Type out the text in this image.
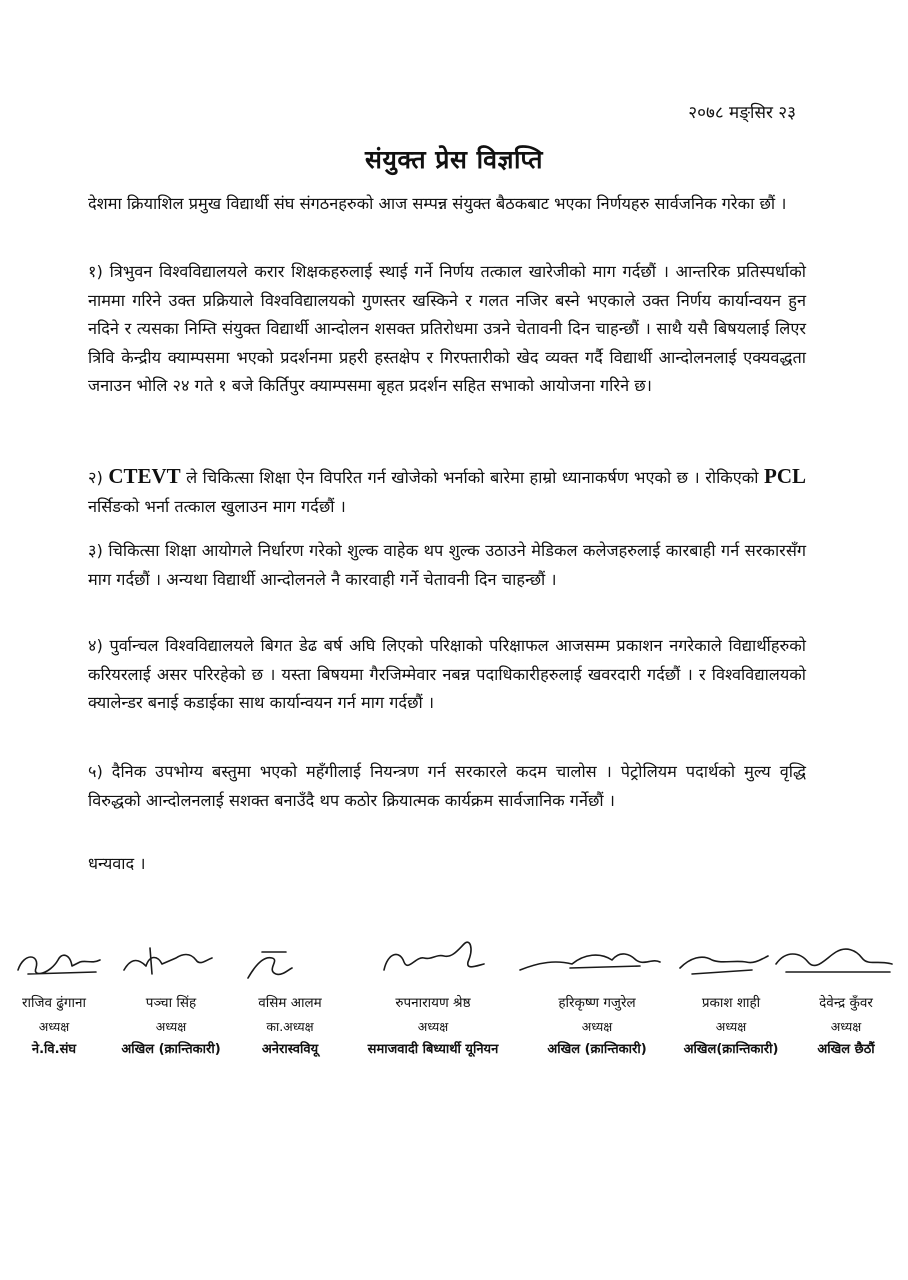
२०७८ मङ्सिर २३
संयुक्त प्रेस विज्ञप्ति
देशमा क्रियाशिल प्रमुख विद्यार्थी संघ संगठनहरुको आज सम्पन्न संयुक्त बैठकबाट भएका निर्णयहरु सार्वजनिक गरेका छौं ।
१) त्रिभुवन विश्वविद्यालयले करार शिक्षकहरुलाई स्थाई गर्ने निर्णय तत्काल खारेजीको माग गर्दछौं । आन्तरिक प्रतिस्पर्धाको नाममा गरिने उक्त प्रक्रियाले विश्वविद्यालयको गुणस्तर खस्किने र गलत नजिर बस्ने भएकाले उक्त निर्णय कार्यान्वयन हुन नदिने र त्यसका निम्ति संयुक्त विद्यार्थी आन्दोलन शसक्त प्रतिरोधमा उत्रने चेतावनी दिन चाहन्छौं । साथै यसै बिषयलाई लिएर त्रिवि केन्द्रीय क्याम्पसमा भएको प्रदर्शनमा प्रहरी हस्तक्षेप र गिरफ्तारीको खेद व्यक्त गर्दै विद्यार्थी आन्दोलनलाई एक्यवद्धता जनाउन भोलि २४ गते १ बजे किर्तिपुर क्याम्पसमा बृहत प्रदर्शन सहित सभाको आयोजना गरिने छ।
२) CTEVT ले चिकित्सा शिक्षा ऐन विपरित गर्न खोजेको भर्नाको बारेमा हाम्रो ध्यानाकर्षण भएको छ । रोकिएको PCL नर्सिङको भर्ना तत्काल खुलाउन माग गर्दछौं ।
३) चिकित्सा शिक्षा आयोगले निर्धारण गरेको शुल्क वाहेक थप शुल्क उठाउने मेडिकल कलेजहरुलाई कारबाही गर्न सरकारसँग माग गर्दछौं । अन्यथा विद्यार्थी आन्दोलनले नै कारवाही गर्ने चेतावनी दिन चाहन्छौं ।
४) पुर्वान्चल विश्वविद्यालयले बिगत डेढ बर्ष अघि लिएको परिक्षाको परिक्षाफल आजसम्म प्रकाशन नगरेकाले विद्यार्थीहरुको करियरलाई असर परिरहेको छ । यस्ता बिषयमा गैरजिम्मेवार नबन्न पदाधिकारीहरुलाई खवरदारी गर्दछौं । र विश्वविद्यालयको क्यालेन्डर बनाई कडाईका साथ कार्यान्वयन गर्न माग गर्दछौं ।
५) दैनिक उपभोग्य बस्तुमा भएको महँगीलाई नियन्त्रण गर्न सरकारले कदम चालोस । पेट्रोलियम पदार्थको मुल्य वृद्धि विरुद्धको आन्दोलनलाई सशक्त बनाउँदै थप कठोर क्रियात्मक कार्यक्रम सार्वजानिक गर्नेछौं ।
धन्यवाद ।
राजिव ढुंगाना
अध्यक्ष
ने.वि.संघ
पञ्चा सिंह
अध्यक्ष
अखिल (क्रान्तिकारी)
वसिम आलम
का.अध्यक्ष
अनेरास्ववियू
रुपनारायण श्रेष्ठ
अध्यक्ष
समाजवादी बिध्यार्थी यूनियन
हरिकृष्ण गजुरेल
अध्यक्ष
अखिल (क्रान्तिकारी)
प्रकाश शाही
अध्यक्ष
अखिल(क्रान्तिकारी)
देवेन्द्र कुँवर
अध्यक्ष
अखिल छैठौं
